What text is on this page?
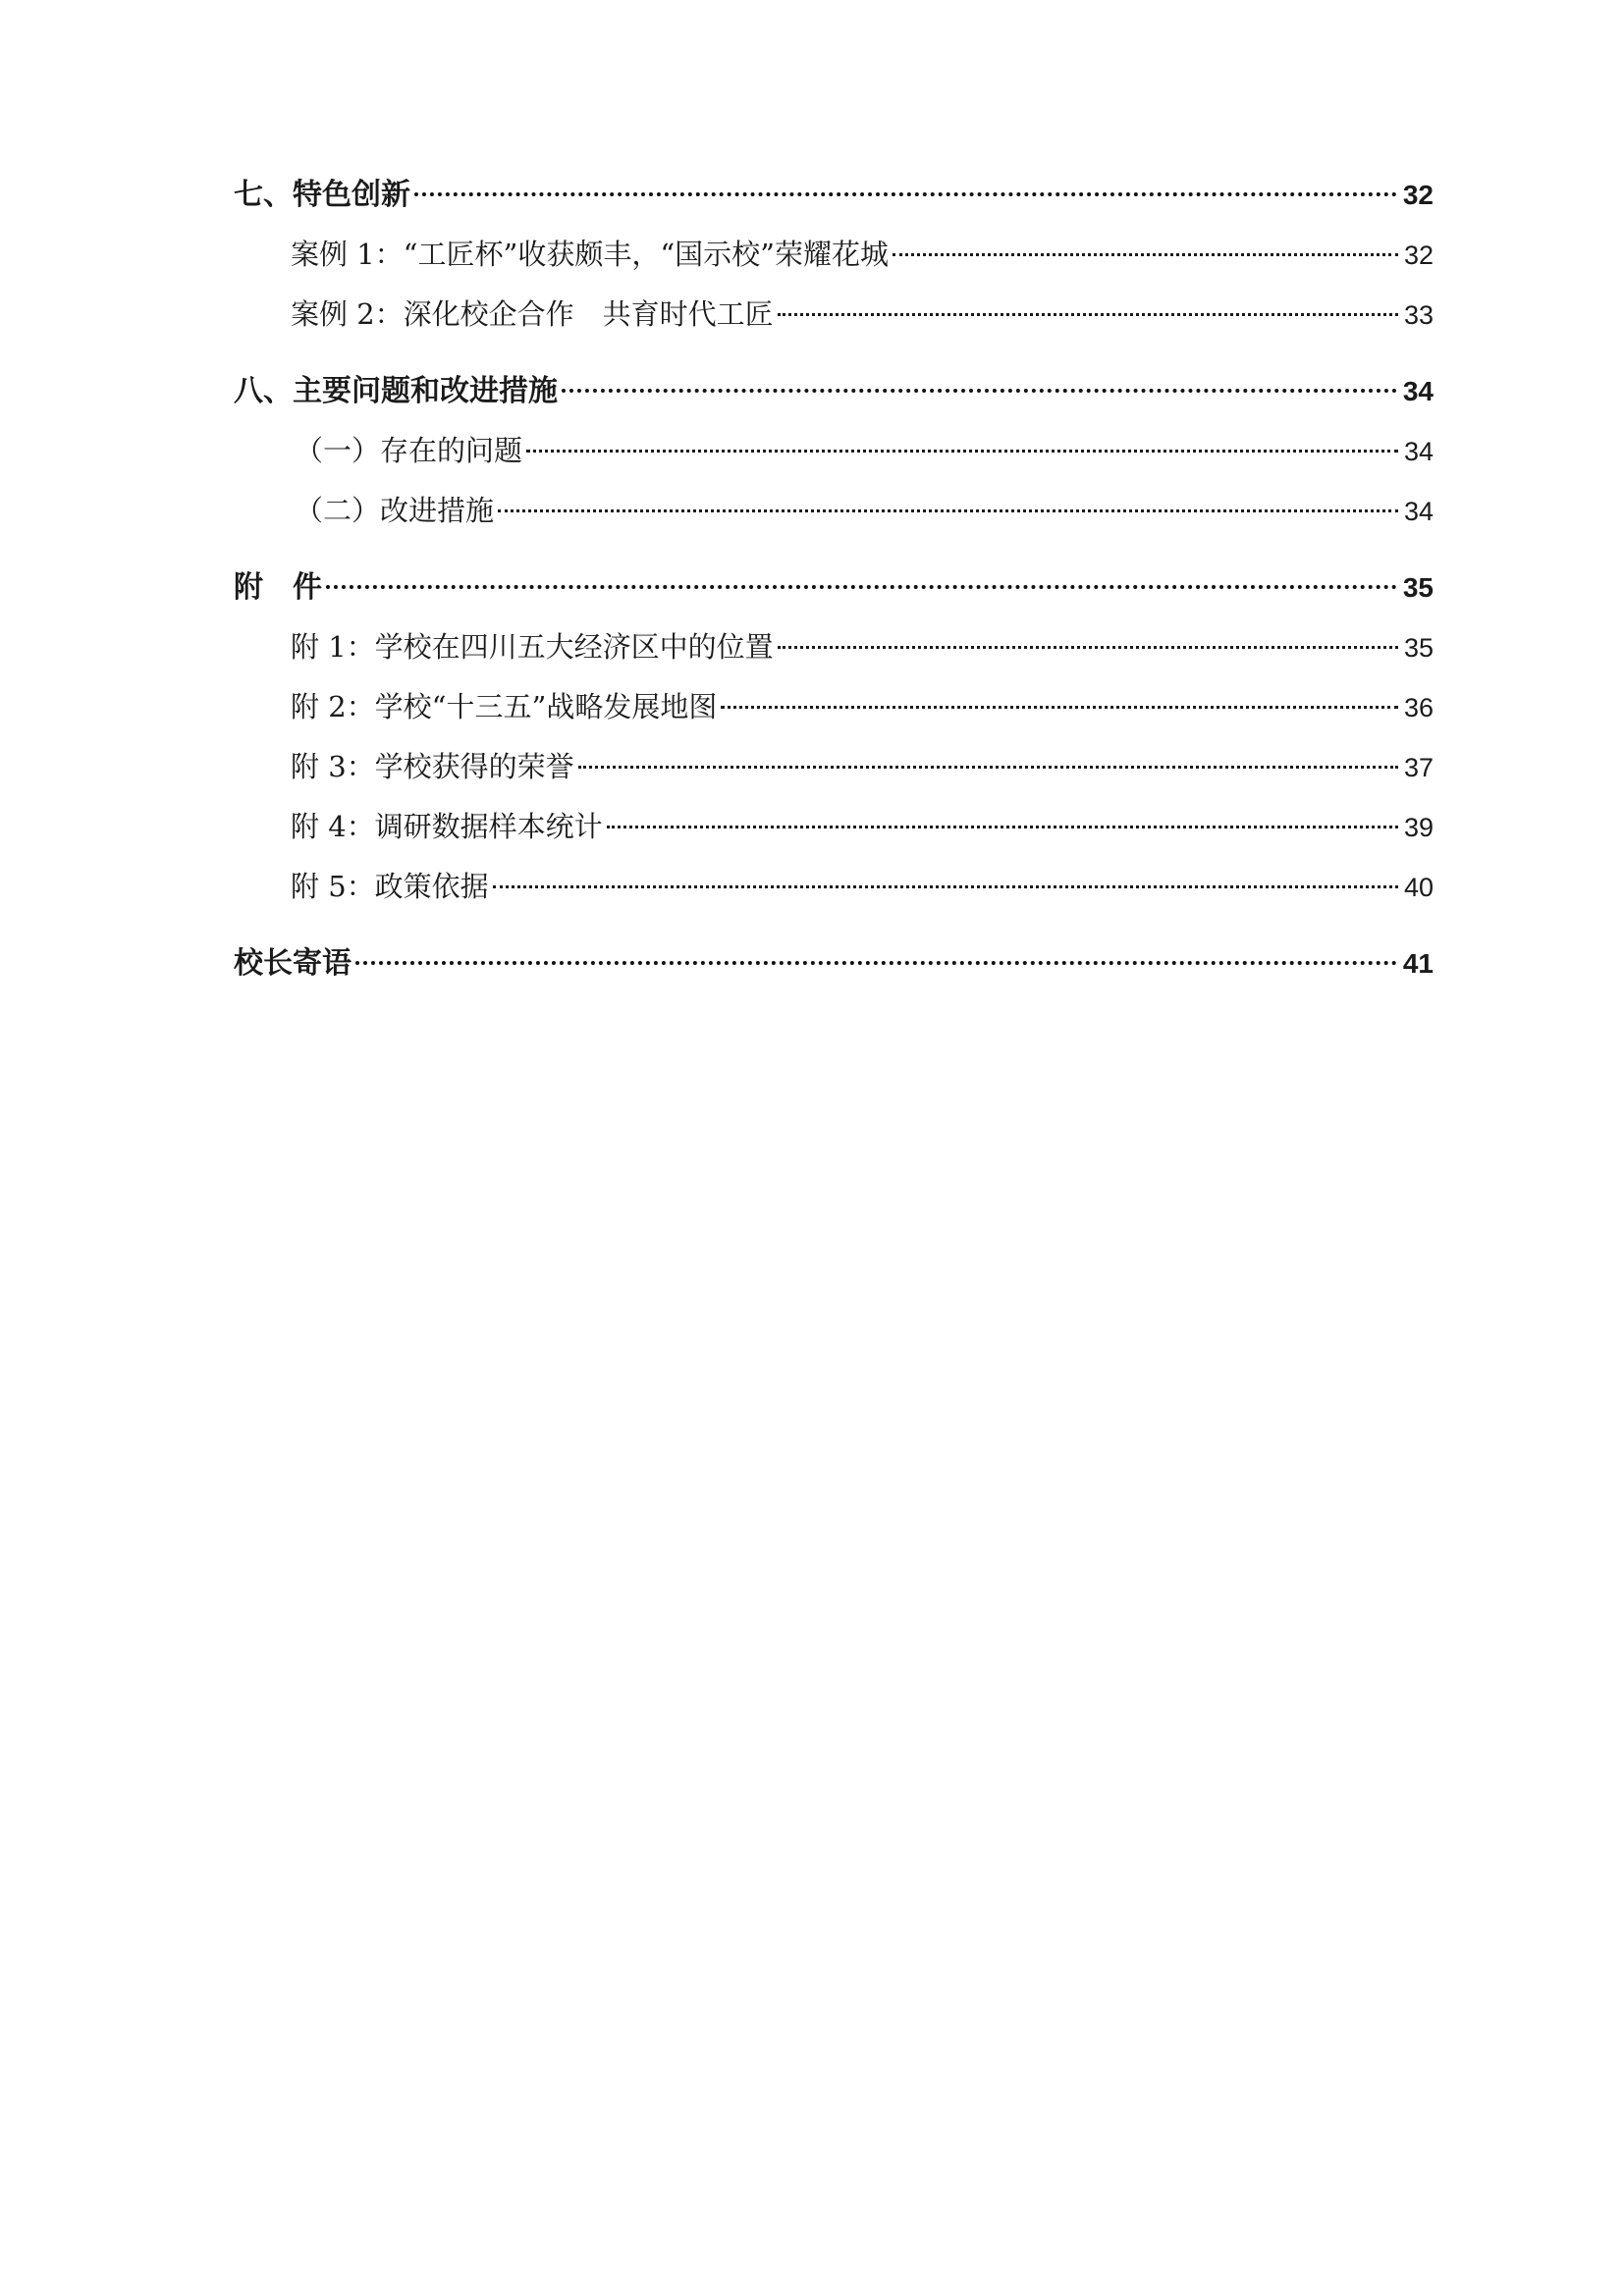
七、特色创新	32
案例 1：“工匠杯”收获颇丰，“国示校”荣耀花城	32
案例 2：深化校企合作　共育时代工匠	33
八、主要问题和改进措施	34
（一）存在的问题	34
（二）改进措施	34
附　件	35
附 1：学校在四川五大经济区中的位置	35
附 2：学校“十三五”战略发展地图	36
附 3：学校获得的荣誉	37
附 4：调研数据样本统计	39
附 5：政策依据	40
校长寄语	41
